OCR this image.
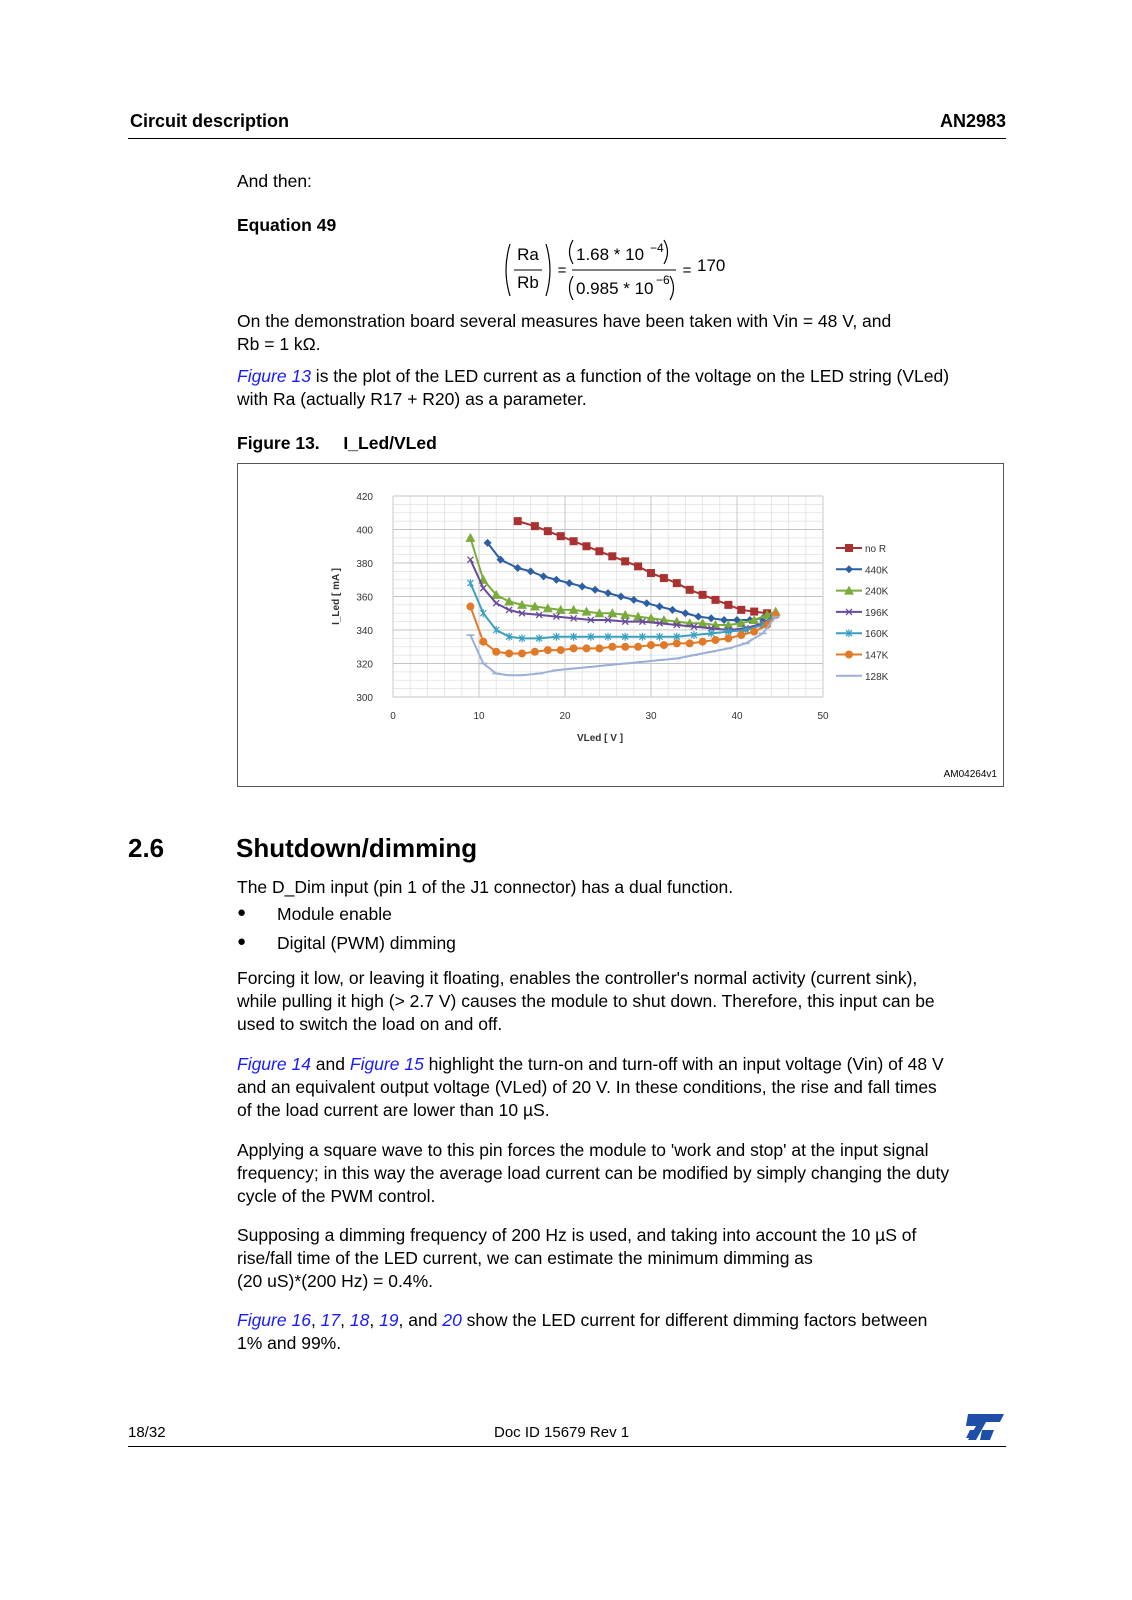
Circuit description	AN2983
And then:
Equation 49
Ra
Rb
=
1.68 * 10 −4
0.985 * 10 −6
= 170
On the demonstration board several measures have been taken with Vin = 48 V, and
Rb = 1 kΩ.
Figure 13 is the plot of the LED current as a function of the voltage on the LED string (VLed)
with Ra (actually R17 + R20) as a parameter.
Figure 13. I_Led/VLed
0	10	20	30	40	50
300
320
340
360
380
400
420
VLed [ V ]
I_Led [ mA ]
no R
440K
240K
196K
160K
147K
128K
AM04264v1
2.6	Shutdown/dimming
The D_Dim input (pin 1 of the J1 connector) has a dual function.
● Module enable
● Digital (PWM) dimming
Forcing it low, or leaving it floating, enables the controller's normal activity (current sink),
while pulling it high (> 2.7 V) causes the module to shut down. Therefore, this input can be
used to switch the load on and off.
Figure 14 and Figure 15 highlight the turn-on and turn-off with an input voltage (Vin) of 48 V
and an equivalent output voltage (VLed) of 20 V. In these conditions, the rise and fall times
of the load current are lower than 10 µS.
Applying a square wave to this pin forces the module to 'work and stop' at the input signal
frequency; in this way the average load current can be modified by simply changing the duty
cycle of the PWM control.
Supposing a dimming frequency of 200 Hz is used, and taking into account the 10 µS of
rise/fall time of the LED current, we can estimate the minimum dimming as
(20 uS)*(200 Hz) = 0.4%.
Figure 16, 17, 18, 19, and 20 show the LED current for different dimming factors between
1% and 99%.
18/32	Doc ID 15679 Rev 1
